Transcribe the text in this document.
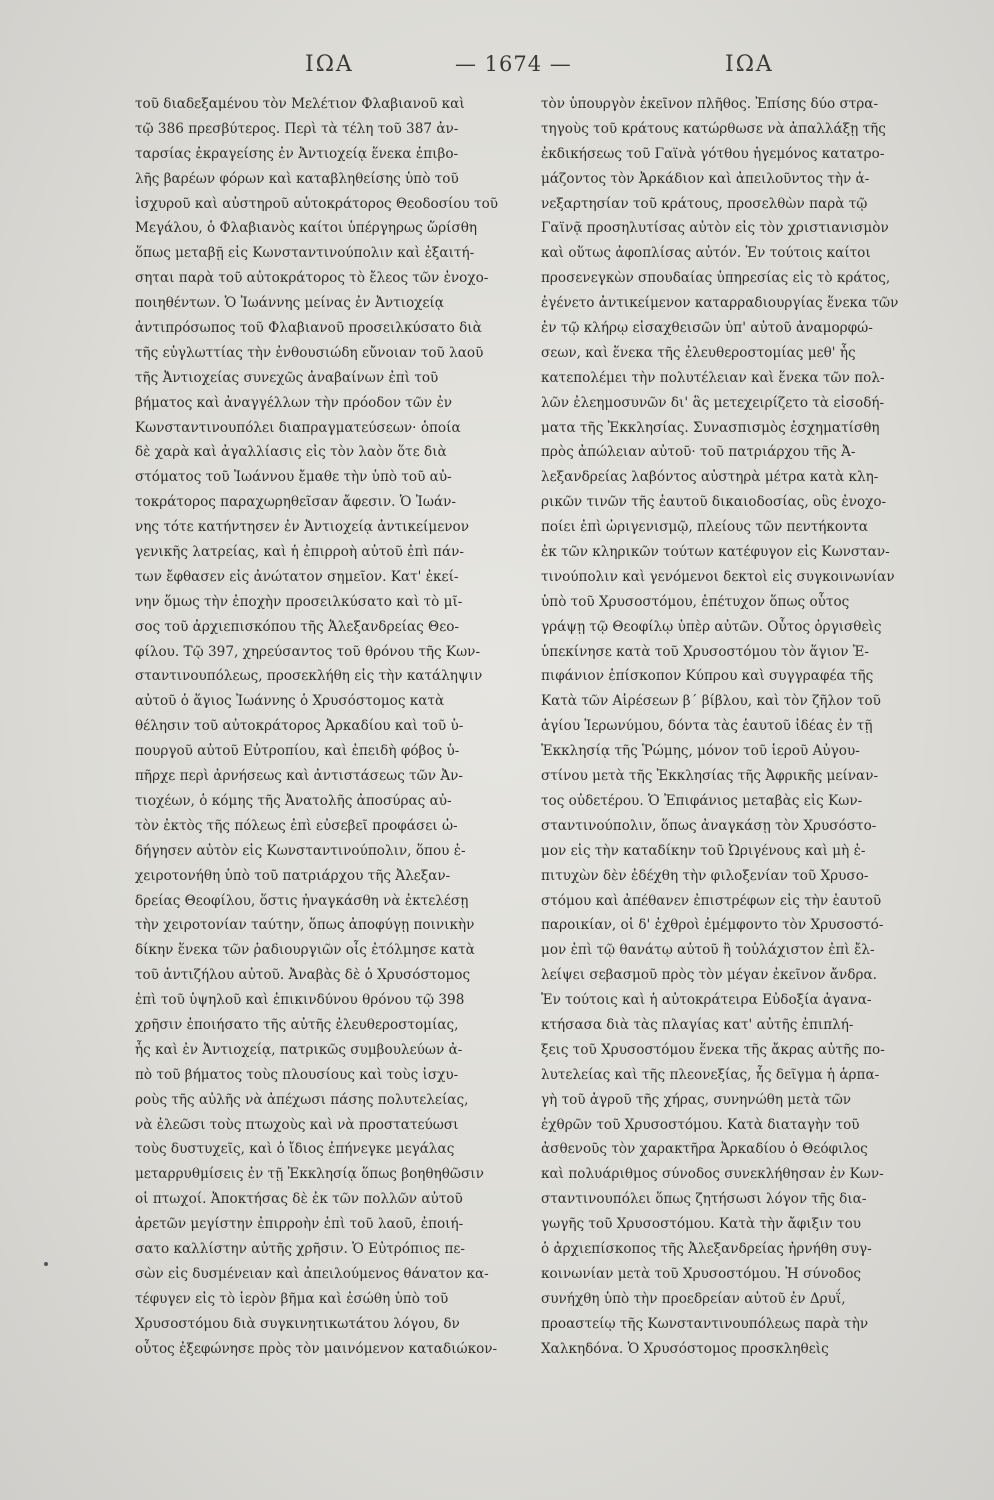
ΙΩΑ	— 1674 —	ΙΩΑ
τοῦ διαδεξαμένου τὸν Μελέτιον Φλαβιανοῦ καὶ
τῷ 386 πρεσβύτερος. Περὶ τὰ τέλη τοῦ 387 ἀν-
ταρσίας ἐκραγείσης ἐν Ἀντιοχείᾳ ἕνεκα ἐπιβο-
λῆς βαρέων φόρων καὶ καταβληθείσης ὑπὸ τοῦ
ἰσχυροῦ καὶ αὐστηροῦ αὐτοκράτορος Θεοδοσίου τοῦ
Μεγάλου, ὁ Φλαβιανὸς καίτοι ὑπέργηρως ὥρίσθη
ὅπως μεταβῇ εἰς Κωνσταντινούπολιν καὶ ἐξαιτή-
σηται παρὰ τοῦ αὐτοκράτορος τὸ ἔλεος τῶν ἐνοχο-
ποιηθέντων. Ὁ Ἰωάννης μείνας ἐν Ἀντιοχείᾳ
ἀντιπρόσωπος τοῦ Φλαβιανοῦ προσειλκύσατο διὰ
τῆς εὐγλωττίας τὴν ἐνθουσιώδη εὔνοιαν τοῦ λαοῦ
τῆς Ἀντιοχείας συνεχῶς ἀναβαίνων ἐπὶ τοῦ
βήματος καὶ ἀναγγέλλων τὴν πρόοδον τῶν ἐν
Κωνσταντινουπόλει διαπραγματεύσεων· ὁποία
δὲ χαρὰ καὶ ἀγαλλίασις εἰς τὸν λαὸν ὅτε διὰ
στόματος τοῦ Ἰωάννου ἔμαθε τὴν ὑπὸ τοῦ αὐ-
τοκράτορος παραχωρηθεῖσαν ἄφεσιν. Ὁ Ἰωάν-
νης τότε κατήντησεν ἐν Ἀντιοχείᾳ ἀντικείμενον
γενικῆς λατρείας, καὶ ἡ ἐπιρροὴ αὐτοῦ ἐπὶ πάν-
των ἔφθασεν εἰς ἀνώτατον σημεῖον. Κατ' ἐκεί-
νην ὅμως τὴν ἐποχὴν προσειλκύσατο καὶ τὸ μῖ-
σος τοῦ ἀρχιεπισκόπου τῆς Ἀλεξανδρείας Θεο-
φίλου. Τῷ 397, χηρεύσαντος τοῦ θρόνου τῆς Κων-
σταντινουπόλεως, προσεκλήθη εἰς τὴν κατάληψιν
αὐτοῦ ὁ ἅγιος Ἰωάννης ὁ Χρυσόστομος κατὰ
θέλησιν τοῦ αὐτοκράτορος Ἀρκαδίου καὶ τοῦ ὑ-
πουργοῦ αὐτοῦ Εὐτροπίου, καὶ ἐπειδὴ φόβος ὑ-
πῆρχε περὶ ἀρνήσεως καὶ ἀντιστάσεως τῶν Ἀν-
τιοχέων, ὁ κόμης τῆς Ἀνατολῆς ἀποσύρας αὐ-
τὸν ἐκτὸς τῆς πόλεως ἐπὶ εὐσεβεῖ προφάσει ὠ-
δήγησεν αὐτὸν εἰς Κωνσταντινούπολιν, ὅπου ἐ-
χειροτονήθη ὑπὸ τοῦ πατριάρχου τῆς Ἀλεξαν-
δρείας Θεοφίλου, ὅστις ἠναγκάσθη νὰ ἐκτελέσῃ
τὴν χειροτονίαν ταύτην, ὅπως ἀποφύγῃ ποινικὴν
δίκην ἕνεκα τῶν ῥαδιουργιῶν οἷς ἐτόλμησε κατὰ
τοῦ ἀντιζήλου αὐτοῦ. Ἀναβὰς δὲ ὁ Χρυσόστομος
ἐπὶ τοῦ ὑψηλοῦ καὶ ἐπικινδύνου θρόνου τῷ 398
χρῆσιν ἐποιήσατο τῆς αὐτῆς ἐλευθεροστομίας,
ἧς καὶ ἐν Ἀντιοχείᾳ, πατρικῶς συμβουλεύων ἀ-
πὸ τοῦ βήματος τοὺς πλουσίους καὶ τοὺς ἰσχυ-
ροὺς τῆς αὐλῆς νὰ ἀπέχωσι πάσης πολυτελείας,
νὰ ἐλεῶσι τοὺς πτωχοὺς καὶ νὰ προστατεύωσι
τοὺς δυστυχεῖς, καὶ ὁ ἴδιος ἐπήνεγκε μεγάλας
μεταρρυθμίσεις ἐν τῇ Ἐκκλησίᾳ ὅπως βοηθηθῶσιν
οἱ πτωχοί. Ἀποκτήσας δὲ ἐκ τῶν πολλῶν αὐτοῦ
ἀρετῶν μεγίστην ἐπιρροὴν ἐπὶ τοῦ λαοῦ, ἐποιή-
σατο καλλίστην αὐτῆς χρῆσιν. Ὁ Εὐτρόπιος πε-
σὼν εἰς δυσμένειαν καὶ ἀπειλούμενος θάνατον κα-
τέφυγεν εἰς τὸ ἱερὸν βῆμα καὶ ἐσώθη ὑπὸ τοῦ
Χρυσοστόμου διὰ συγκινητικωτάτου λόγου, δν
οὗτος ἐξεφώνησε πρὸς τὸν μαινόμενον καταδιώκον-
τὸν ὑπουργὸν ἐκεῖνον πλῆθος. Ἐπίσης δύο στρα-
τηγοὺς τοῦ κράτους κατώρθωσε νὰ ἀπαλλάξῃ τῆς
ἐκδικήσεως τοῦ Γαϊνὰ γότθου ἡγεμόνος κατατρο-
μάζοντος τὸν Ἀρκάδιον καὶ ἀπειλοῦντος τὴν ἀ-
νεξαρτησίαν τοῦ κράτους, προσελθὼν παρὰ τῷ
Γαϊνᾷ προσηλυτίσας αὐτὸν εἰς τὸν χριστιανισμὸν
καὶ οὕτως ἀφοπλίσας αὐτόν. Ἐν τούτοις καίτοι
προσενεγκὼν σπουδαίας ὑπηρεσίας εἰς τὸ κράτος,
ἐγένετο ἀντικείμενον καταρραδιουργίας ἕνεκα τῶν
ἐν τῷ κλήρῳ εἰσαχθεισῶν ὑπ' αὐτοῦ ἀναμορφώ-
σεων, καὶ ἕνεκα τῆς ἐλευθεροστομίας μεθ' ἧς
κατεπολέμει τὴν πολυτέλειαν καὶ ἕνεκα τῶν πολ-
λῶν ἐλεημοσυνῶν δι' ἃς μετεχειρίζετο τὰ εἰσοδή-
ματα τῆς Ἐκκλησίας. Συνασπισμὸς ἐσχηματίσθη
πρὸς ἀπώλειαν αὐτοῦ· τοῦ πατριάρχου τῆς Ἀ-
λεξανδρείας λαβόντος αὐστηρὰ μέτρα κατὰ κλη-
ρικῶν τινῶν τῆς ἑαυτοῦ δικαιοδοσίας, οὓς ἐνοχο-
ποίει ἐπὶ ὠριγενισμῷ, πλείους τῶν πεντήκοντα
ἐκ τῶν κληρικῶν τούτων κατέφυγον εἰς Κωνσταν-
τινούπολιν καὶ γενόμενοι δεκτοὶ εἰς συγκοινωνίαν
ὑπὸ τοῦ Χρυσοστόμου, ἐπέτυχον ὅπως οὗτος
γράψῃ τῷ Θεοφίλῳ ὑπὲρ αὐτῶν. Οὗτος ὀργισθεὶς
ὑπεκίνησε κατὰ τοῦ Χρυσοστόμου τὸν ἅγιον Ἐ-
πιφάνιον ἐπίσκοπον Κύπρου καὶ συγγραφέα τῆς
Κατὰ τῶν Αἱρέσεων β΄ βίβλου, καὶ τὸν ζῆλον τοῦ
ἁγίου Ἱερωνύμου, δόντα τὰς ἑαυτοῦ ἰδέας ἐν τῇ
Ἐκκλησίᾳ τῆς Ῥώμης, μόνον τοῦ ἱεροῦ Αὐγου-
στίνου μετὰ τῆς Ἐκκλησίας τῆς Ἀφρικῆς μείναν-
τος οὐδετέρου. Ὁ Ἐπιφάνιος μεταβὰς εἰς Κων-
σταντινούπολιν, ὅπως ἀναγκάσῃ τὸν Χρυσόστο-
μον εἰς τὴν καταδίκην τοῦ Ὠριγένους καὶ μὴ ἐ-
πιτυχὼν δὲν ἐδέχθη τὴν φιλοξενίαν τοῦ Χρυσο-
στόμου καὶ ἀπέθανεν ἐπιστρέφων εἰς τὴν ἑαυτοῦ
παροικίαν, οἱ δ' ἐχθροὶ ἐμέμφοντο τὸν Χρυσοστό-
μον ἐπὶ τῷ θανάτῳ αὐτοῦ ἢ τοὐλάχιστον ἐπὶ ἔλ-
λείψει σεβασμοῦ πρὸς τὸν μέγαν ἐκεῖνον ἄνδρα.
Ἐν τούτοις καὶ ἡ αὐτοκράτειρα Εὐδοξία ἀγανα-
κτήσασα διὰ τὰς πλαγίας κατ' αὐτῆς ἐπιπλή-
ξεις τοῦ Χρυσοστόμου ἕνεκα τῆς ἄκρας αὐτῆς πο-
λυτελείας καὶ τῆς πλεονεξίας, ἧς δεῖγμα ἡ ἁρπα-
γὴ τοῦ ἀγροῦ τῆς χήρας, συνηνώθη μετὰ τῶν
ἐχθρῶν τοῦ Χρυσοστόμου. Κατὰ διαταγὴν τοῦ
ἀσθενοῦς τὸν χαρακτῆρα Ἀρκαδίου ὁ Θεόφιλος
καὶ πολυάριθμος σύνοδος συνεκλήθησαν ἐν Κων-
σταντινουπόλει ὅπως ζητήσωσι λόγον τῆς δια-
γωγῆς τοῦ Χρυσοστόμου. Κατὰ τὴν ἄφιξιν του
ὁ ἀρχιεπίσκοπος τῆς Ἀλεξανδρείας ἠρνήθη συγ-
κοινωνίαν μετὰ τοῦ Χρυσοστόμου. Ἡ σύνοδος
συνήχθη ὑπὸ τὴν προεδρείαν αὐτοῦ ἐν Δρυΐ,
προαστείῳ τῆς Κωνσταντινουπόλεως παρὰ τὴν
Χαλκηδόνα. Ὁ Χρυσόστομος προσκληθεὶς
